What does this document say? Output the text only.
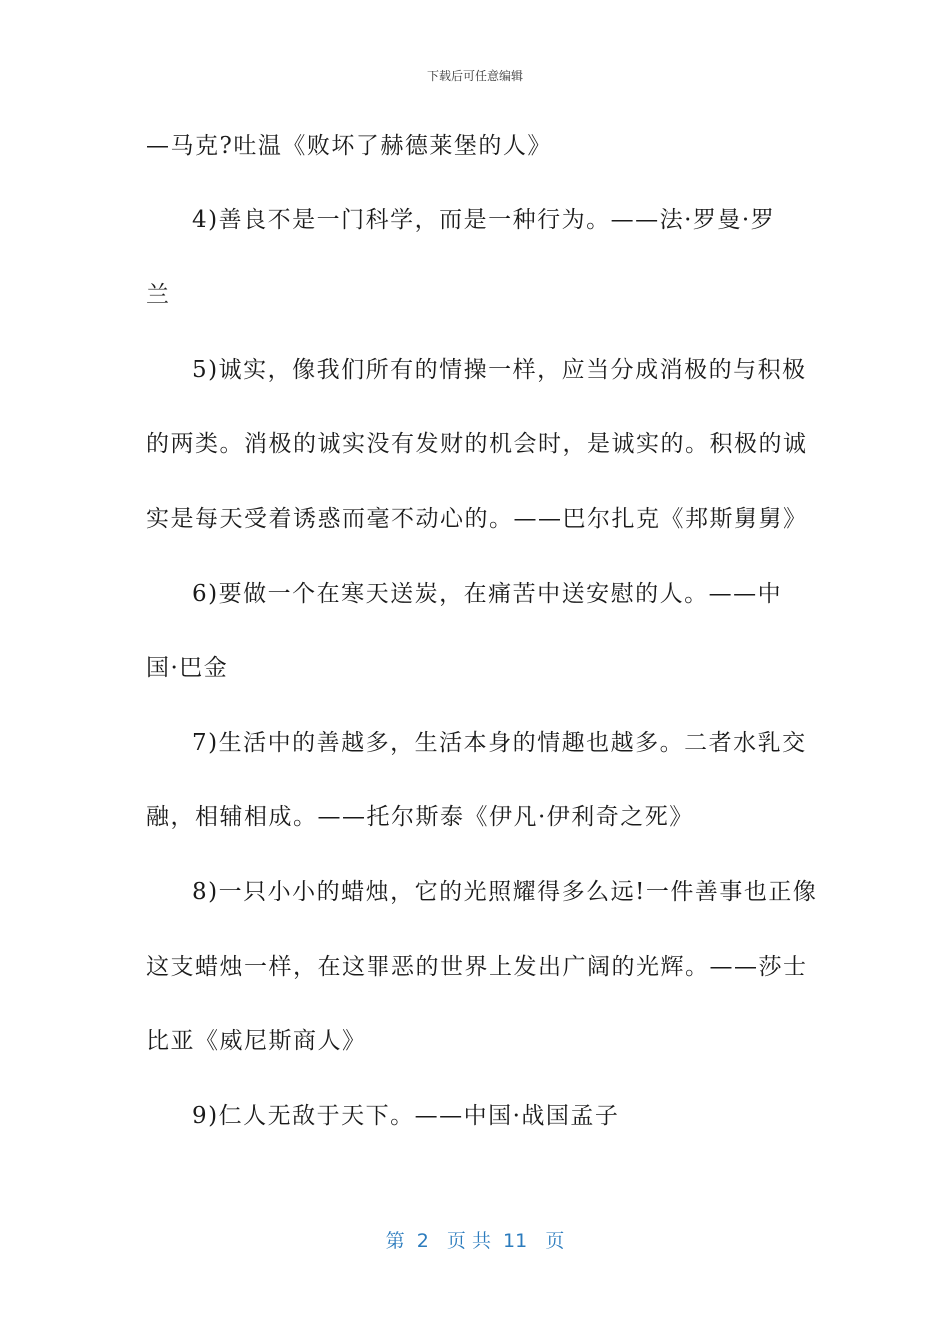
下载后可任意编辑
—马克?吐温《败坏了赫德莱堡的人》
4)善良不是一门科学，而是一种行为。——法·罗曼·罗
兰
5)诚实，像我们所有的情操一样，应当分成消极的与积极
的两类。消极的诚实没有发财的机会时，是诚实的。积极的诚
实是每天受着诱惑而毫不动心的。——巴尔扎克《邦斯舅舅》
6)要做一个在寒天送炭，在痛苦中送安慰的人。——中
国·巴金
7)生活中的善越多，生活本身的情趣也越多。二者水乳交
融，相辅相成。——托尔斯泰《伊凡·伊利奇之死》
8)一只小小的蜡烛，它的光照耀得多么远!一件善事也正像
这支蜡烛一样，在这罪恶的世界上发出广阔的光辉。——莎士
比亚《威尼斯商人》
9)仁人无敌于天下。——中国·战国孟子
第  2   页 共  11   页
